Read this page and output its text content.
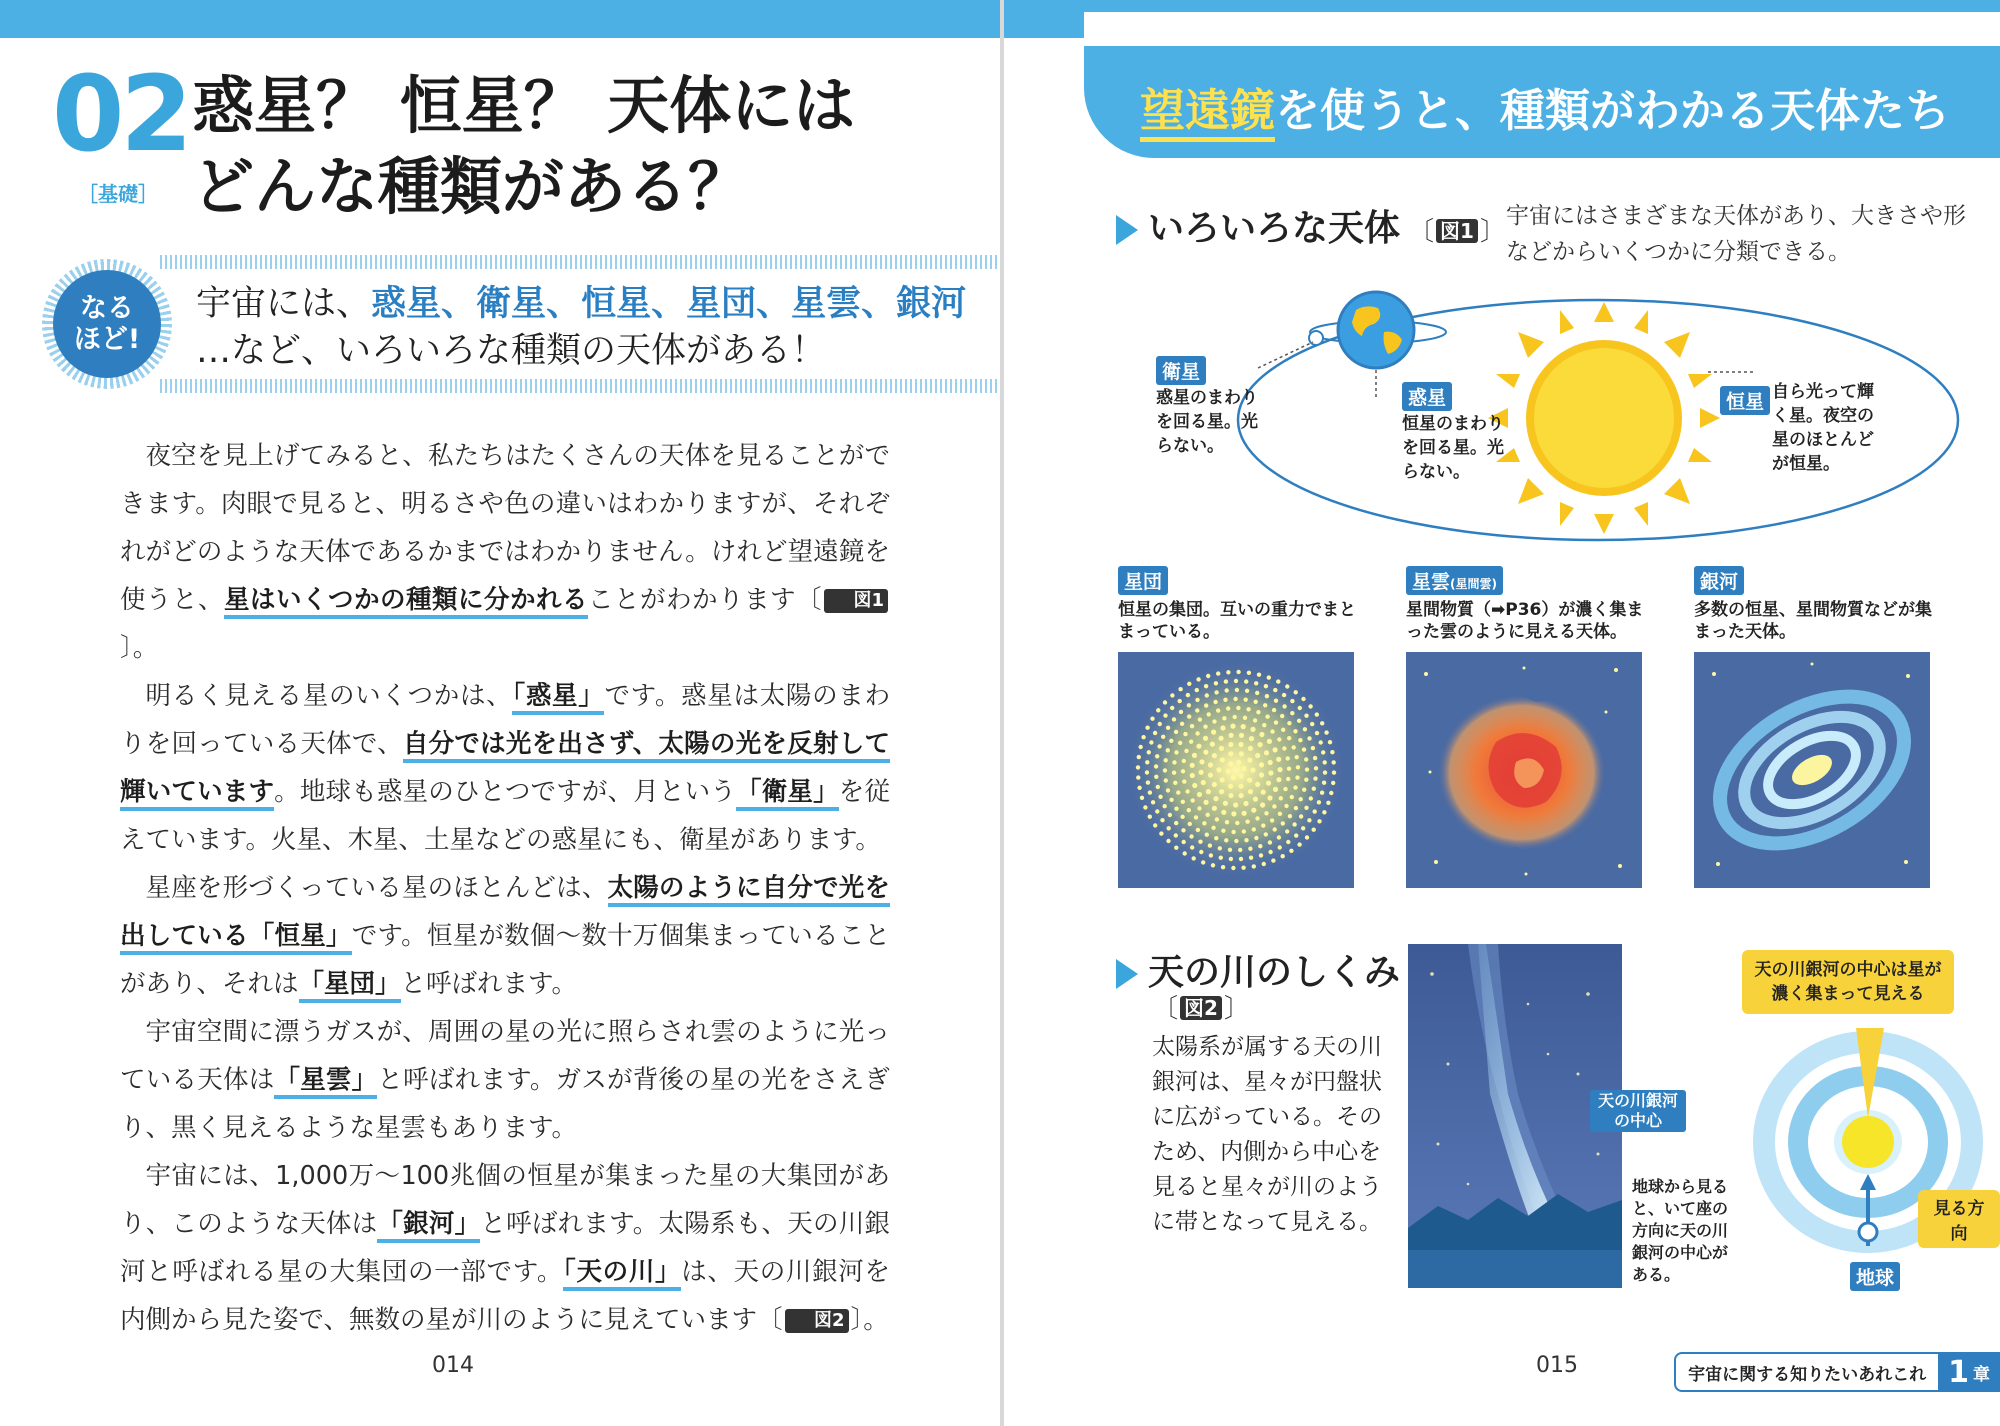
02
［基礎］
惑星？ 恒星？ 天体には
どんな種類がある？
なる
ほど!
宇宙には、惑星、衛星、恒星、星団、星雲、銀河
…など、いろいろな種類の天体がある！

夜空を見上げてみると、私たちはたくさんの天体を見ることができます。肉眼で見ると、明るさや色の違いはわかりますが、それぞれがどのような天体であるかまではわかりません。けれど望遠鏡を使うと、星はいくつかの種類に分かれることがわかります〔 図1〕。

明るく見える星のいくつかは、「惑星」です。惑星は太陽のまわりを回っている天体で、自分では光を出さず、太陽の光を反射して輝いています。地球も惑星のひとつですが、月という「衛星」を従えています。火星、木星、土星などの惑星にも、衛星があります。

星座を形づくっている星のほとんどは、太陽のように自分で光を出している「恒星」です。恒星が数個～数十万個集まっていることがあり、それは「星団」と呼ばれます。

宇宙空間に漂うガスが、周囲の星の光に照らされ雲のように光っている天体は「星雲」と呼ばれます。ガスが背後の星の光をさえぎり、黒く見えるような星雲もあります。

宇宙には、1,000万～100兆個の恒星が集まった星の大集団があり、このような天体は「銀河」と呼ばれます。太陽系も、天の川銀河と呼ばれる星の大集団の一部です。「天の川」は、天の川銀河を内側から見た姿で、無数の星が川のように見えています〔 図2 〕。

014
望遠鏡を使うと、種類がわかる天体たち
いろいろな天体 〔 図1 〕
宇宙にはさまざまな天体があり、大きさや形などからいくつかに分類できる。
衛星
惑星のまわりを回る星。光らない。
惑星
恒星のまわりを回る星。光らない。
恒星 自ら光って輝く星。夜空の星のほとんどが恒星。
星団
恒星の集団。互いの重力でまとまっている。
星雲(星間雲)
星間物質（➡P36）が濃く集まった雲のように見える天体。
銀河
多数の恒星、星間物質などが集まった天体。
天の川のしくみ
〔 図2 〕
太陽系が属する天の川銀河は、星々が円盤状に広がっている。そのため、内側から中心を見ると星々が川のように帯となって見える。
天の川銀河の中心
地球から見ると、いて座の方向に天の川銀河の中心がある。
天の川銀河の中心は星が濃く集まって見える
見る方向
地球
015	宇宙に関する知りたいあれこれ 1 章
